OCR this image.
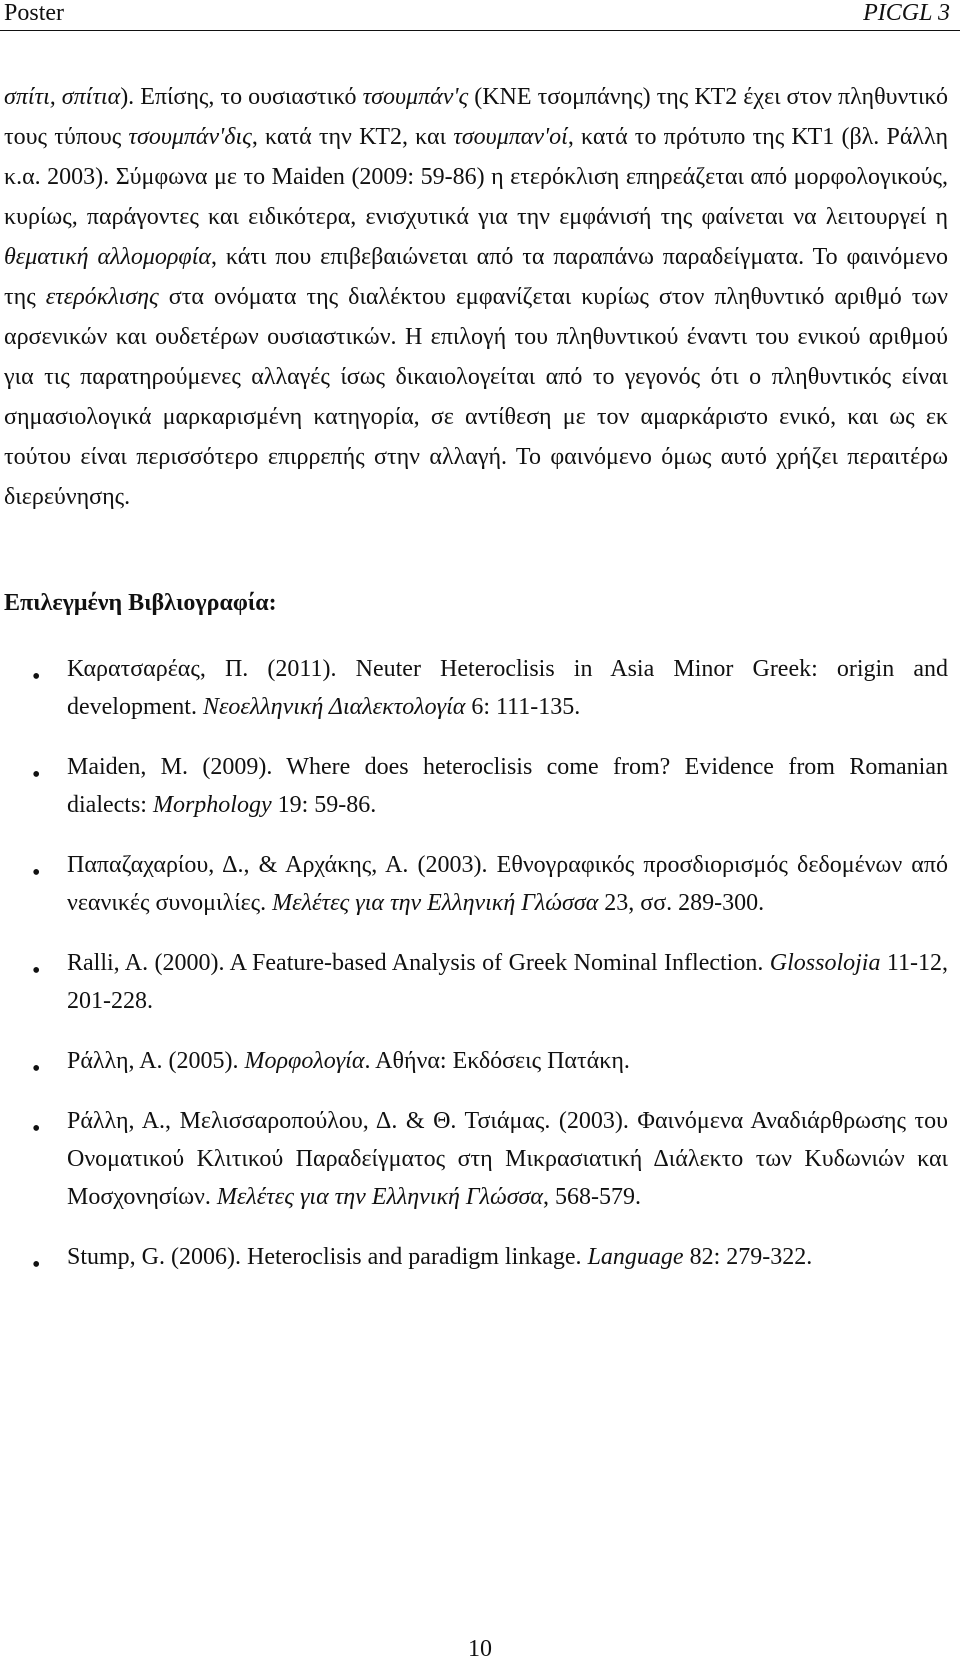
Poster	PICGL 3

σπίτι, σπίτια). Επίσης, το ουσιαστικό τσουμπάν'ς (ΚΝΕ τσομπάνης) της ΚΤ2 έχει στον πληθυντικό τους τύπους τσουμπάν'δις, κατά την ΚΤ2, και τσουμπαν'οί, κατά το πρότυπο της ΚΤ1 (βλ. Ράλλη κ.α. 2003). Σύμφωνα με το Maiden (2009: 59-86) η ετερόκλιση επηρεάζεται από μορφολογικούς, κυρίως, παράγοντες και ειδικότερα, ενισχυτικά για την εμφάνισή της φαίνεται να λειτουργεί η θεματική αλλομορφία, κάτι που επιβεβαιώνεται από τα παραπάνω παραδείγματα. Το φαινόμενο της ετερόκλισης στα ονόματα της διαλέκτου εμφανίζεται κυρίως στον πληθυντικό αριθμό των αρσενικών και ουδετέρων ουσιαστικών. Η επιλογή του πληθυντικού έναντι του ενικού αριθμού για τις παρατηρούμενες αλλαγές ίσως δικαιολογείται από το γεγονός ότι ο πληθυντικός είναι σημασιολογικά μαρκαρισμένη κατηγορία, σε αντίθεση με τον αμαρκάριστο ενικό, και ως εκ τούτου είναι περισσότερο επιρρεπής στην αλλαγή. Το φαινόμενο όμως αυτό χρήζει περαιτέρω διερεύνησης.

Επιλεγμένη Βιβλιογραφία:
• Καρατσαρέας, Π. (2011). Neuter Heteroclisis in Asia Minor Greek: origin and development. Νεοελληνική Διαλεκτολογία 6: 111-135.
• Maiden, M. (2009). Where does heteroclisis come from? Evidence from Romanian dialects: Morphology 19: 59-86.
• Παπαζαχαρίου, Δ., & Αρχάκης, Α. (2003). Εθνογραφικός προσδιορισμός δεδομένων από νεανικές συνομιλίες. Μελέτες για την Ελληνική Γλώσσα 23, σσ. 289-300.
• Ralli, A. (2000). A Feature-based Analysis of Greek Nominal Inflection. Glossolojia 11-12, 201-228.
• Ράλλη, Α. (2005). Μορφολογία. Αθήνα: Εκδόσεις Πατάκη.
• Ράλλη, Α., Μελισσαροπούλου, Δ. & Θ. Τσιάμας. (2003). Φαινόμενα Αναδιάρθρωσης του Ονοματικού Κλιτικού Παραδείγματος στη Μικρασιατική Διάλεκτο των Κυδωνιών και Μοσχονησίων. Μελέτες για την Ελληνική Γλώσσα, 568-579.
• Stump, G. (2006). Heteroclisis and paradigm linkage. Language 82: 279-322.
10
